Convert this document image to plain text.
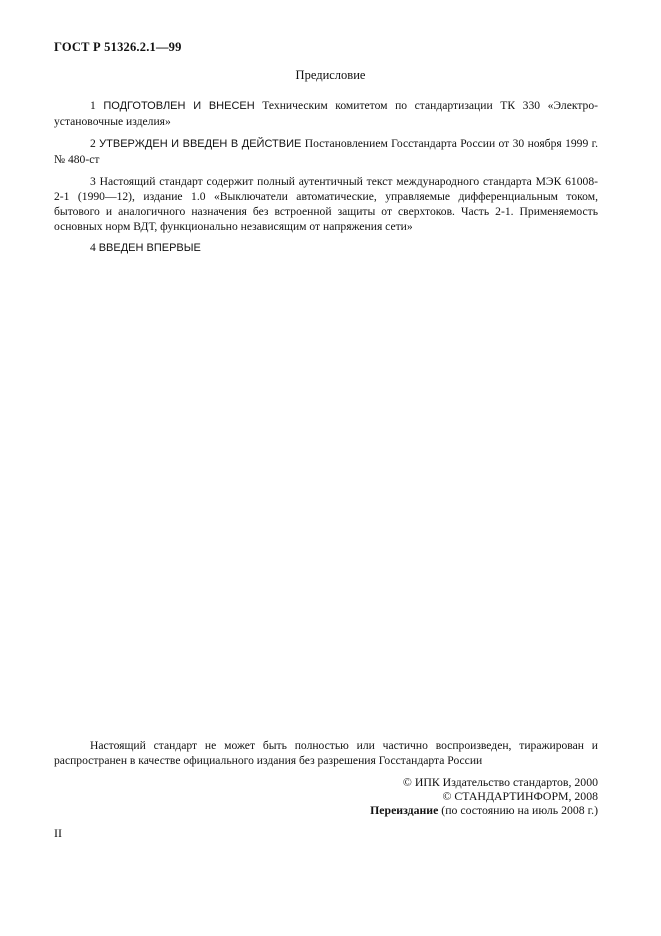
ГОСТ Р 51326.2.1—99
Предисловие

1 ПОДГОТОВЛЕН И ВНЕСЕН Техническим комитетом по стандартизации ТК 330 «Электро-установочные изделия»

2 УТВЕРЖДЕН И ВВЕДЕН В ДЕЙСТВИЕ Постановлением Госстандарта России от 30 ноября 1999 г. № 480-ст

3 Настоящий стандарт содержит полный аутентичный текст международного стандарта МЭК 61008-2-1 (1990—12), издание 1.0 «Выключатели автоматические, управляемые дифференциальным током, бытового и аналогичного назначения без встроенной защиты от сверхтоков. Часть 2-1. Применяемость основных норм ВДТ, функционально независящим от напряжения сети»

4 ВВЕДЕН ВПЕРВЫЕ

Настоящий стандарт не может быть полностью или частично воспроизведен, тиражирован и распространен в качестве официального издания без разрешения Госстандарта России

© ИПК Издательство стандартов, 2000
© СТАНДАРТИНФОРМ, 2008
Переиздание (по состоянию на июль 2008 г.)
II
